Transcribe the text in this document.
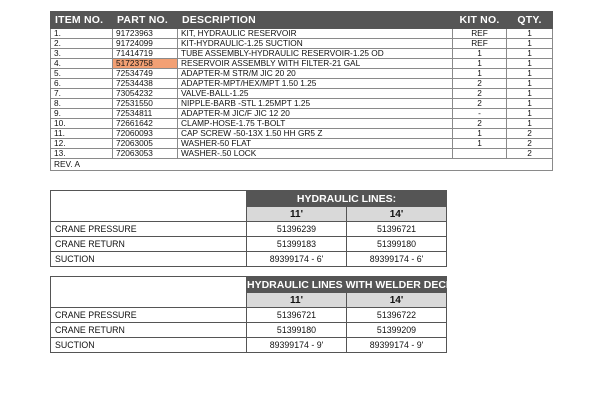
ITEM NO.	PART NO.	DESCRIPTION	KIT NO.	QTY.
1.	91723963	KIT, HYDRAULIC RESERVOIR	REF	1
2.	91724099	KIT-HYDRAULIC-1.25 SUCTION	REF	1
3.	71414719	TUBE ASSEMBLY-HYDRAULIC RESERVOIR-1.25 OD	1	1
4.	51723758	RESERVOIR ASSEMBLY WITH FILTER-21 GAL	1	1
5.	72534749	ADAPTER-M STR/M JIC 20 20	1	1
6.	72534438	ADAPTER-MPT/HEX/MPT 1.50 1.25	2	1
7.	73054232	VALVE-BALL-1.25	2	1
8.	72531550	NIPPLE-BARB -STL 1.25MPT 1.25	2	1
9.	72534811	ADAPTER-M JIC/F JIC 12 20	-	1
10.	72661642	CLAMP-HOSE-1.75 T-BOLT	2	1
11.	72060093	CAP SCREW -50-13X 1.50 HH GR5 Z	1	2
12.	72063005	WASHER-50 FLAT	1	2
13.	72063053	WASHER-.50 LOCK		2
REV. A				
	HYDRAULIC LINES:	
	11'	14'
CRANE PRESSURE	51396239	51396721
CRANE RETURN	51399183	51399180
SUCTION	89399174 - 6'	89399174 - 6'
	HYDRAULIC LINES WITH WELDER DECK:	
	11'	14'
CRANE PRESSURE	51396721	51396722
CRANE RETURN	51399180	51399209
SUCTION	89399174 - 9'	89399174 - 9'
